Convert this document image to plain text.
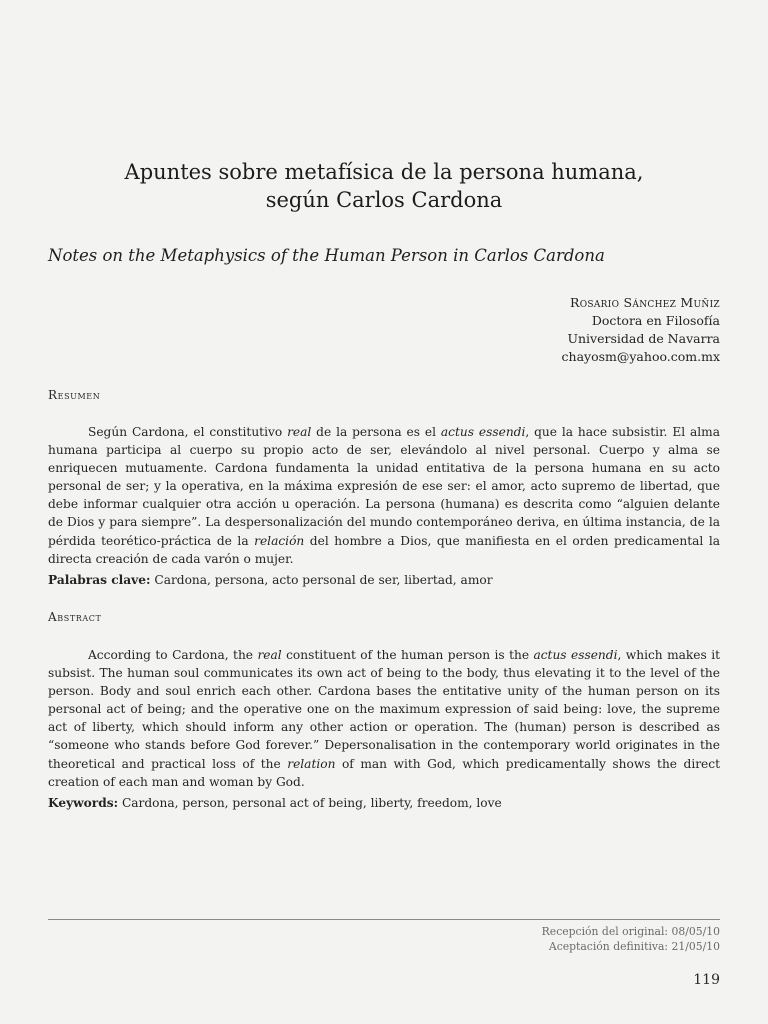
Apuntes sobre metafísica de la persona humana,
según Carlos Cardona
Notes on the Metaphysics of the Human Person in Carlos Cardona
Rosario Sánchez Muñiz
Doctora en Filosofía
Universidad de Navarra
chayosm@yahoo.com.mx
Resumen

Según Cardona, el constitutivo real de la persona es el actus essendi, que la hace subsistir. El alma humana participa al cuerpo su propio acto de ser, elevándolo al nivel personal. Cuerpo y alma se enriquecen mutuamente. Cardona fundamenta la unidad entitativa de la persona humana en su acto personal de ser; y la operativa, en la máxima expresión de ese ser: el amor, acto supremo de libertad, que debe informar cualquier otra acción u operación. La persona (humana) es descrita como “alguien delante de Dios y para siempre”. La despersonalización del mundo contemporáneo deriva, en última instancia, de la pérdida teorético-práctica de la relación del hombre a Dios, que manifiesta en el orden predicamental la directa creación de cada varón o mujer.

Palabras clave: Cardona, persona, acto personal de ser, libertad, amor
Abstract

According to Cardona, the real constituent of the human person is the actus essendi, which makes it subsist. The human soul communicates its own act of being to the body, thus elevating it to the level of the person. Body and soul enrich each other. Cardona bases the entitative unity of the human person on its personal act of being; and the operative one on the maximum expression of said being: love, the supreme act of liberty, which should inform any other action or operation. The (human) person is described as “someone who stands before God forever.” Depersonalisation in the contemporary world originates in the theoretical and practical loss of the relation of man with God, which predicamentally shows the direct creation of each man and woman by God.

Keywords: Cardona, person, personal act of being, liberty, freedom, love
Recepción del original: 08/05/10
Aceptación definitiva: 21/05/10
119
